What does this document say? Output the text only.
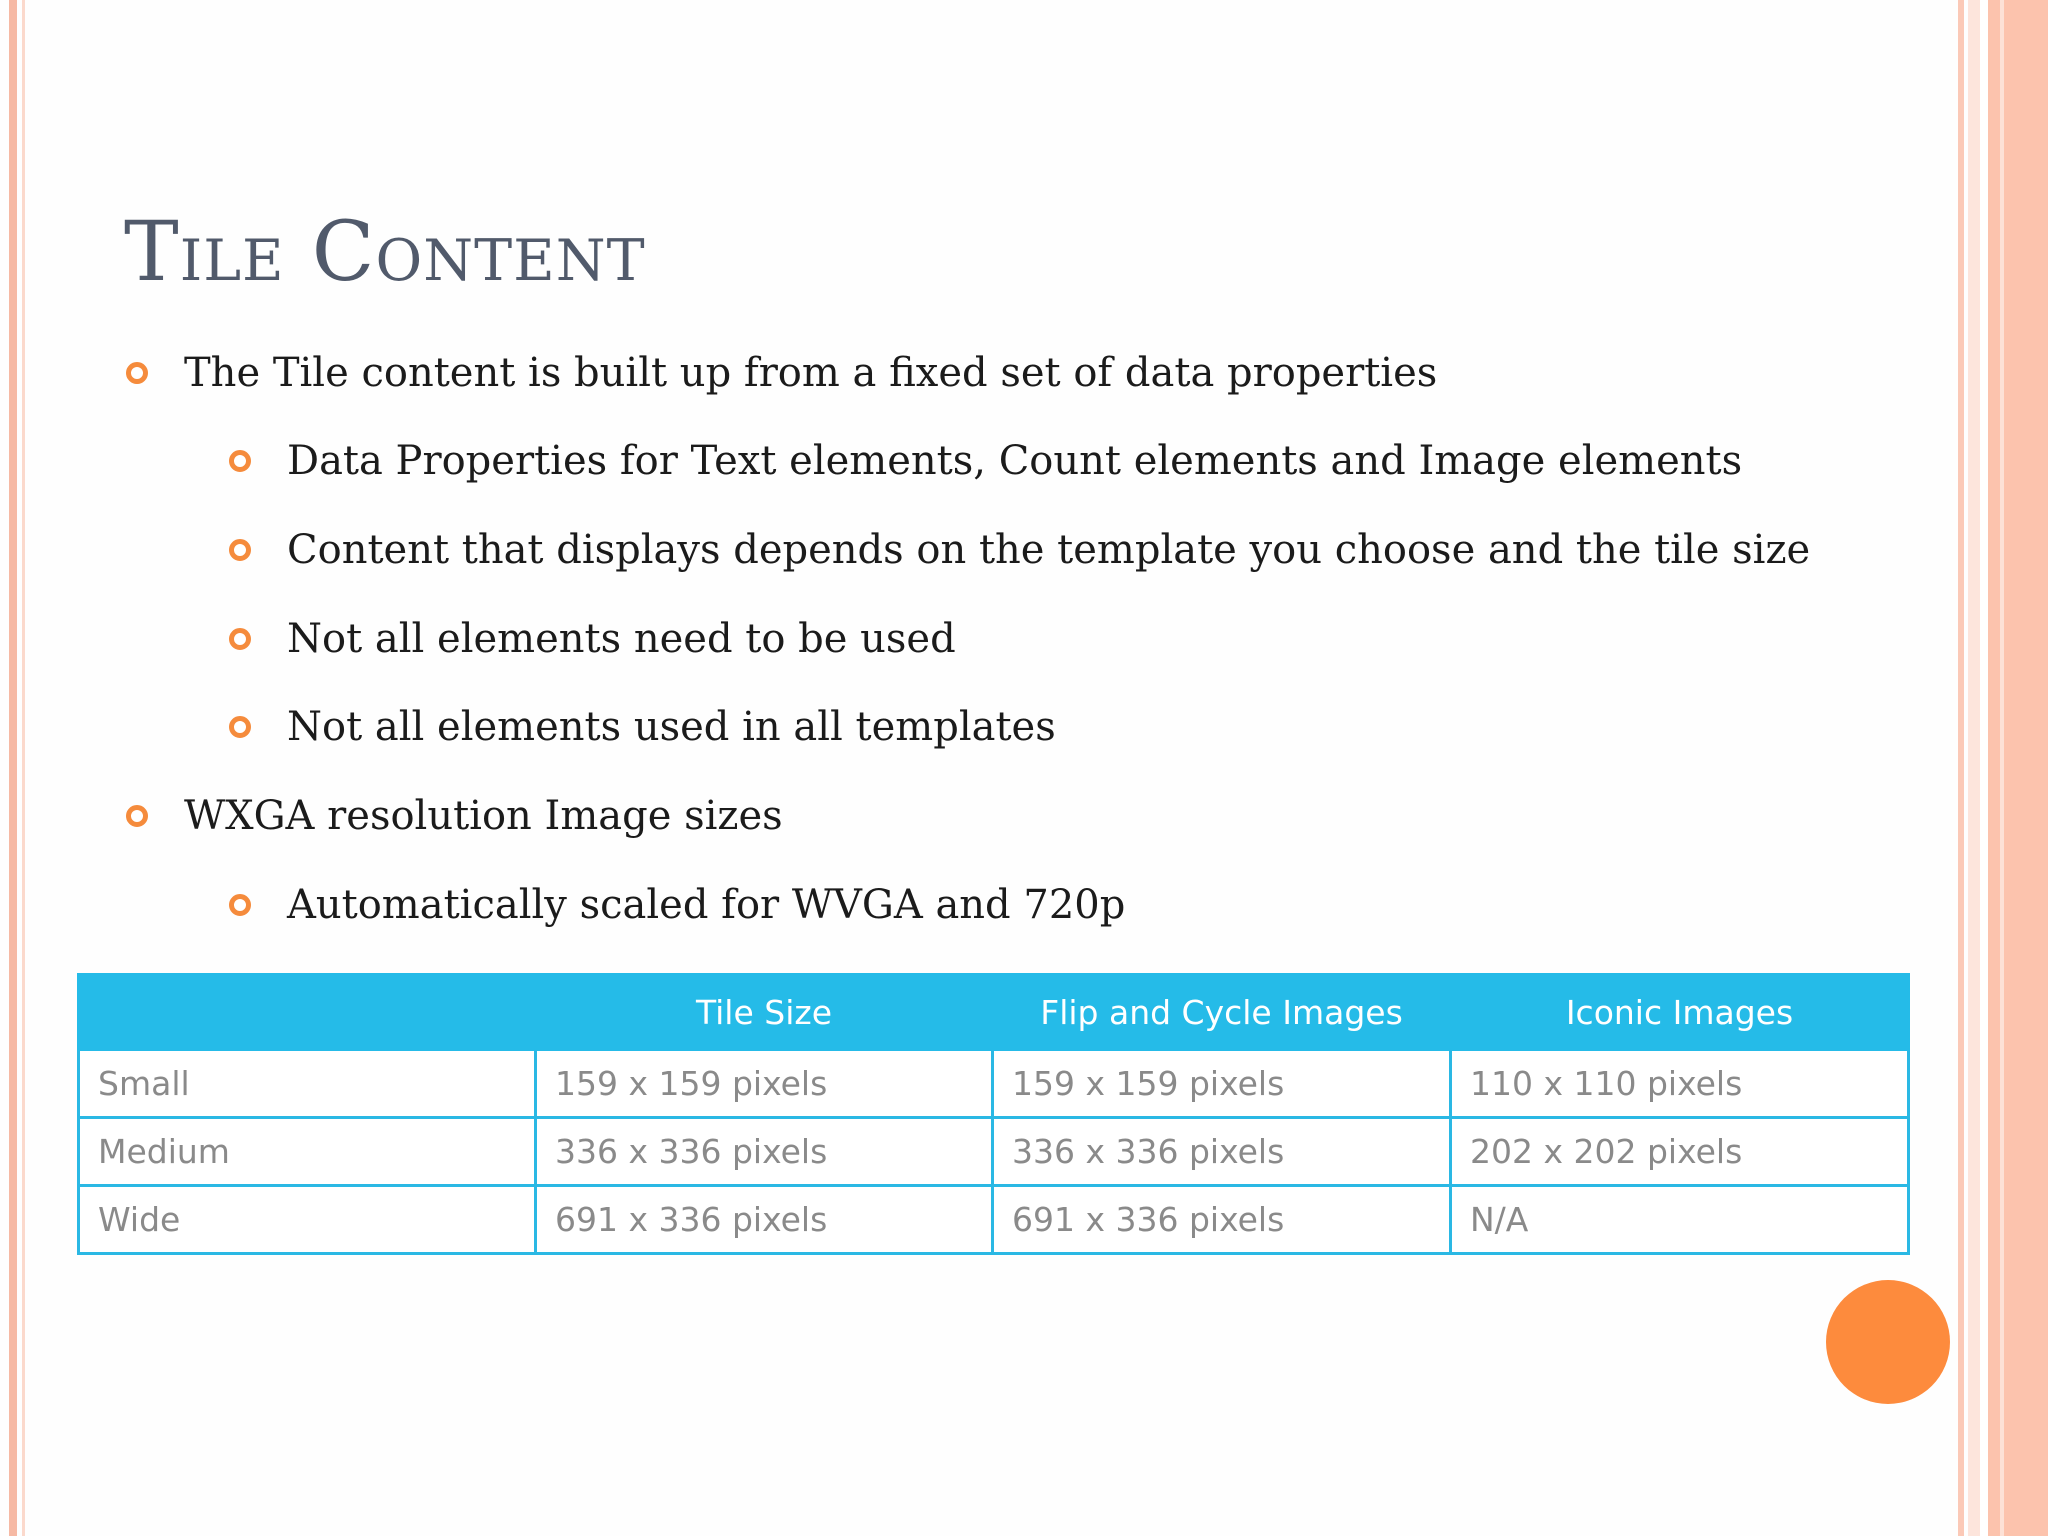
Tile Content
The Tile content is built up from a fixed set of data properties
Data Properties for Text elements, Count elements and Image elements
Content that displays depends on the template you choose and the tile size
Not all elements need to be used
Not all elements used in all templates
WXGA resolution Image sizes
Automatically scaled for WVGA and 720p
	Tile Size	Flip and Cycle Images	Iconic Images
Small	159 x 159 pixels	159 x 159 pixels	110 x 110 pixels
Medium	336 x 336 pixels	336 x 336 pixels	202 x 202 pixels
Wide	691 x 336 pixels	691 x 336 pixels	N/A
